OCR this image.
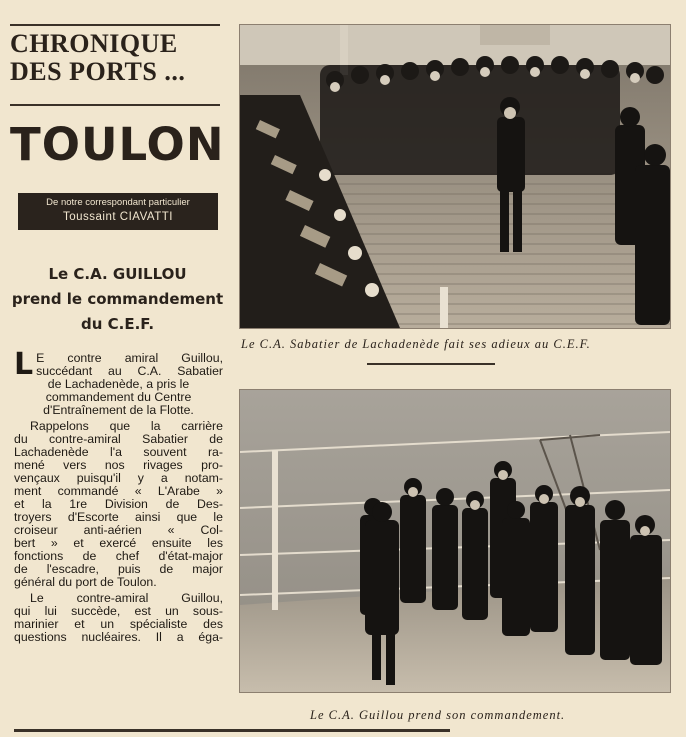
CHRONIQUE
DES PORTS ...
TOULON
De notre correspondant particulier
Toussaint CIAVATTI
Le C.A. GUILLOU
prend le commandement
du C.E.F.

L E contre amiral Guillou,
succédant au C.A. Sabatier
de Lachadenède, a pris le
commandement du Centre
d'Entraînement de la Flotte.

Rappelons que la carrière
du contre-amiral Sabatier de
Lachadenède l'a souvent ra-
mené vers nos rivages pro-
vençaux puisqu'il y a notam-
ment commandé « L'Arabe »
et la 1re Division de Des-
troyers d'Escorte ainsi que le
croiseur anti-aérien « Col-
bert » et exercé ensuite les
fonctions de chef d'état-major
de l'escadre, puis de major
général du port de Toulon.

Le contre-amiral Guillou,
qui lui succède, est un sous-
marinier et un spécialiste des
questions nucléaires. Il a éga-

Le C.A. Sabatier de Lachadenède fait ses adieux au C.E.F.
Le C.A. Guillou prend son commandement.
